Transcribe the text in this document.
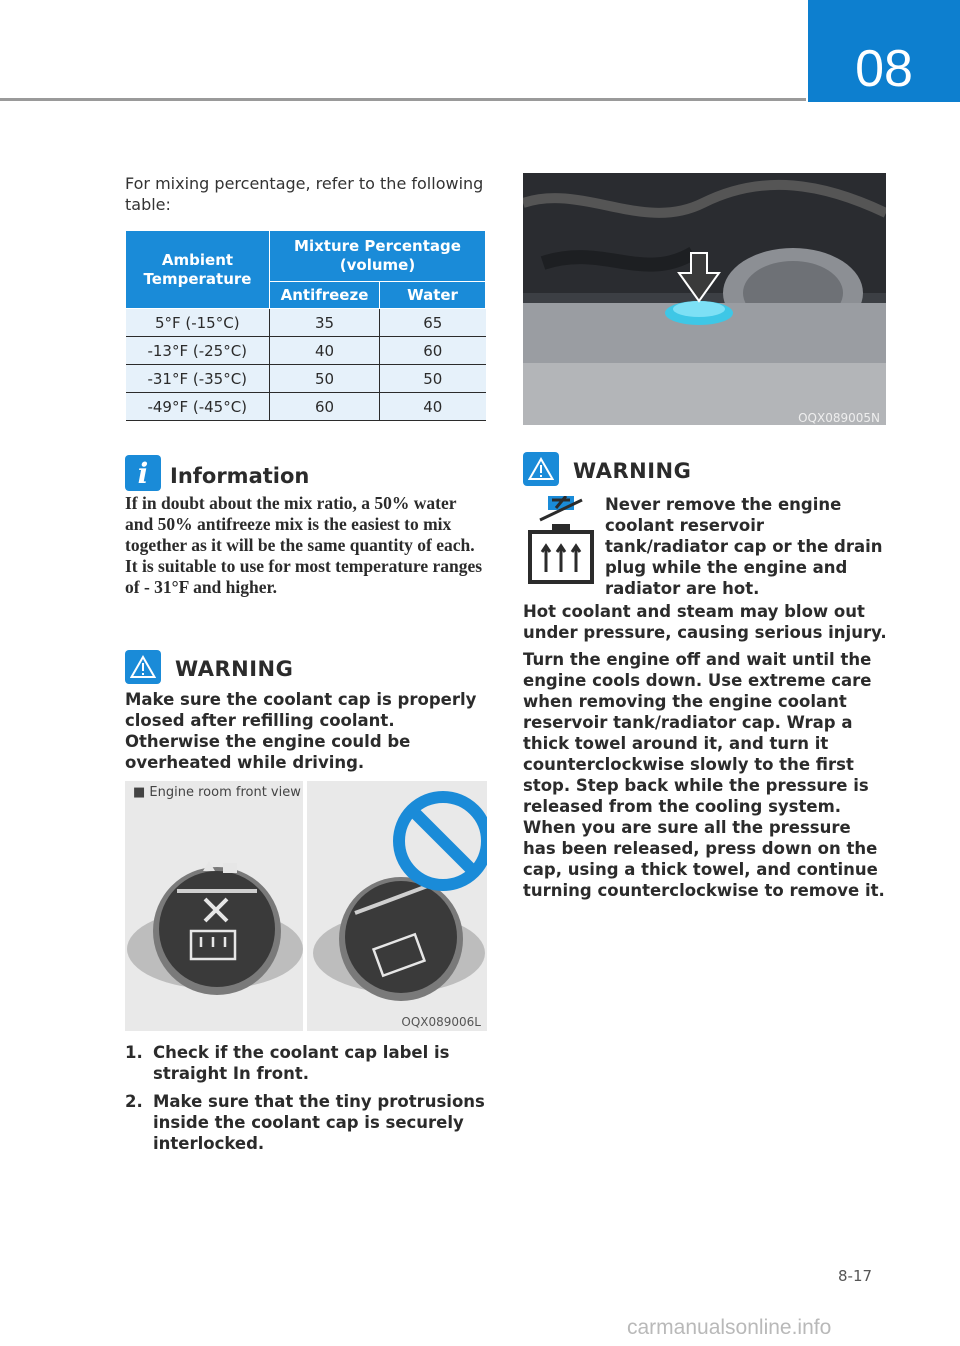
08

For mixing percentage, refer to the following table:

Ambient Temperature	Mixture Percentage (volume)	
	Antifreeze	Water
5°F (-15°C)	35	65
-13°F (-25°C)	40	60
-31°F (-35°C)	50	50
-49°F (-45°C)	60	40
i	Information

If in doubt about the mix ratio, a 50% water and 50% antifreeze mix is the easiest to mix together as it will be the same quantity of each. It is suitable to use for most temperature ranges of - 31°F and higher.

WARNING

Make sure the coolant cap is properly closed after refilling coolant. Otherwise the engine could be overheated while driving.

■ Engine room front view
OQX089006L
1. Check if the coolant cap label is straight In front.
2. Make sure that the tiny protrusions inside the coolant cap is securely interlocked.
OQX089005N
WARNING

Never remove the engine coolant reservoir tank/radiator cap or the drain plug while the engine and radiator are hot.

Hot coolant and steam may blow out under pressure, causing serious injury.

Turn the engine off and wait until the engine cools down. Use extreme care when removing the engine coolant reservoir tank/radiator cap. Wrap a thick towel around it, and turn it counterclockwise slowly to the first stop. Step back while the pressure is released from the cooling system. When you are sure all the pressure has been released, press down on the cap, using a thick towel, and continue turning counterclockwise to remove it.

8-17
carmanualsonline.info
